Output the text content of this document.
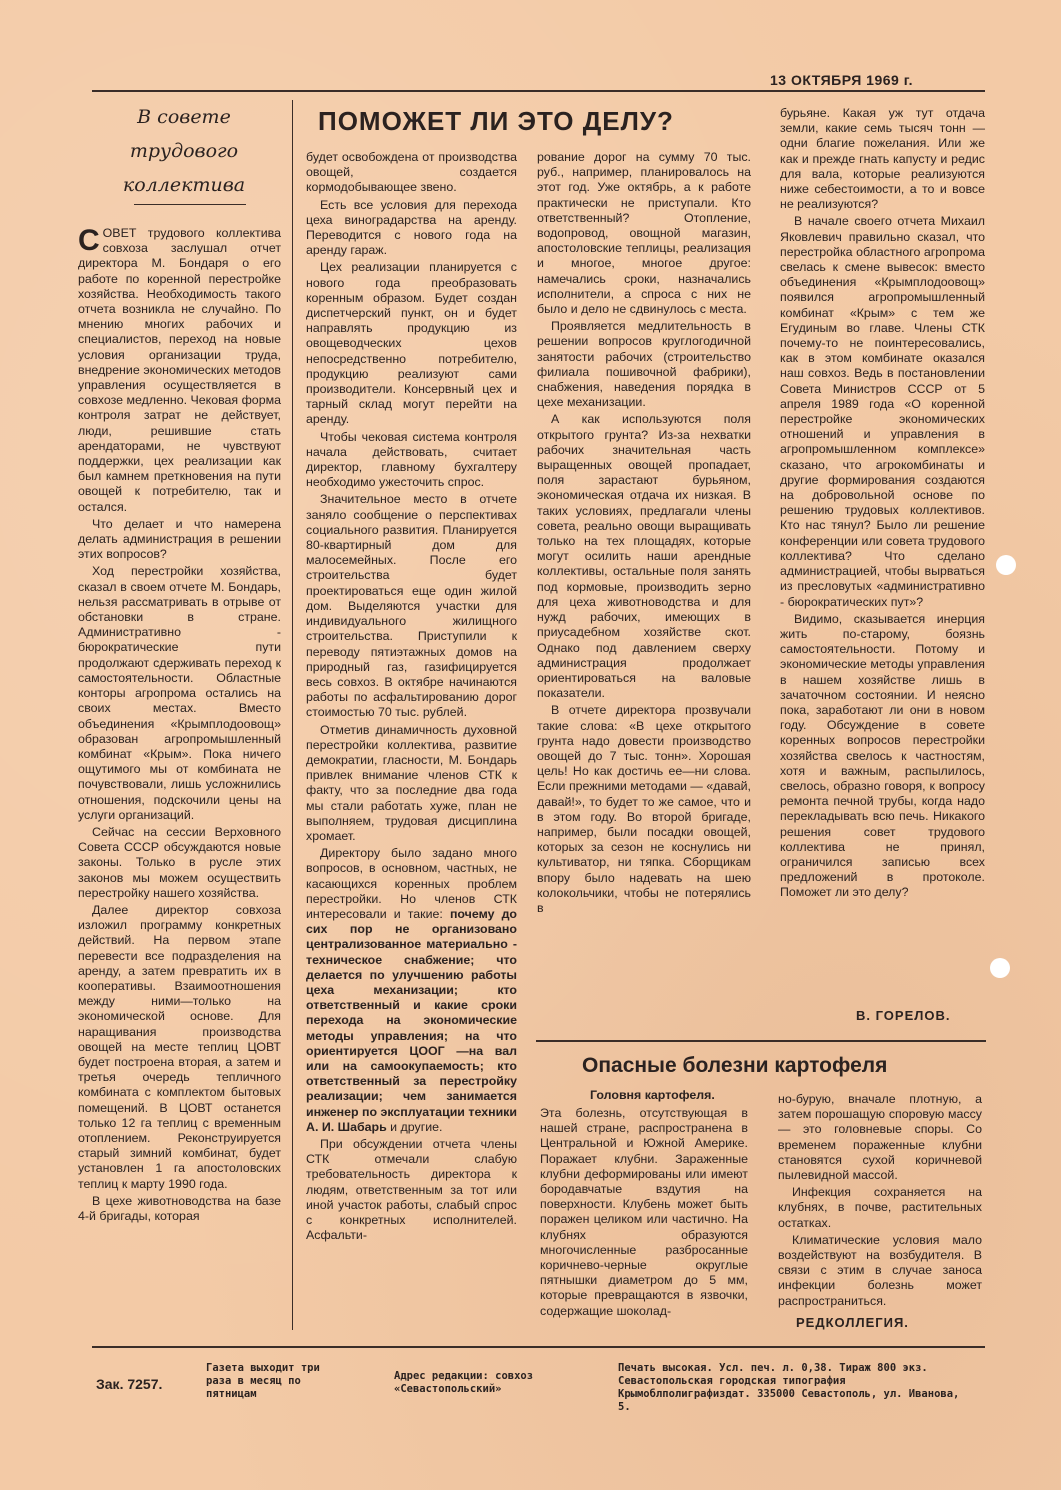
13 ОКТЯБРЯ 1969 г.
В совете
трудового
коллектива
ПОМОЖЕТ ЛИ ЭТО ДЕЛУ?

СОВЕТ трудового коллектива совхоза заслушал отчет директора М. Бондаря о его работе по коренной перестройке хозяйства. Необходимость такого отчета возникла не случайно. По мнению многих рабочих и специалистов, переход на новые условия организации труда, внедрение экономических методов управления осуществляется в совхозе медленно. Чековая форма контроля затрат не действует, люди, решившие стать арендаторами, не чувствуют поддержки, цех реализации как был камнем преткновения на пути овощей к потребителю, так и остался.

Что делает и что намерена делать администрация в решении этих вопросов?

Ход перестройки хозяйства, сказал в своем отчете М. Бондарь, нельзя рассматривать в отрыве от обстановки в стране. Административно - бюрократические пути продолжают сдерживать переход к самостоятельности. Областные конторы агропрома остались на своих местах. Вместо объединения «Крымплодоовощ» образован агропромышленный комбинат «Крым». Пока ничего ощутимого мы от комбината не почувствовали, лишь усложнились отношения, подскочили цены на услуги организаций.

Сейчас на сессии Верховного Совета СССР обсуждаются новые законы. Только в русле этих законов мы можем осуществить перестройку нашего хозяйства.

Далее директор совхоза изложил программу конкретных действий. На первом этапе перевести все подразделения на аренду, а затем превратить их в кооперативы. Взаимоотношения между ними—только на экономической основе. Для наращивания производства овощей на месте теплиц ЦОВТ будет построена вторая, а затем и третья очередь тепличного комбината с комплектом бытовых помещений. В ЦОВТ останется только 12 га теплиц с временным отоплением. Реконструируется старый зимний комбинат, будет установлен 1 га апостоловских теплиц к марту 1990 года.

В цехе животноводства на базе 4-й бригады, которая

будет освобождена от производства овощей, создается кормодобывающее звено.

Есть все условия для перехода цеха виноградарства на аренду. Переводится с нового года на аренду гараж.

Цех реализации планируется с нового года преобразовать коренным образом. Будет создан диспетчерский пункт, он и будет направлять продукцию из овощеводческих цехов непосредственно потребителю, продукцию реализуют сами производители. Консервный цех и тарный склад могут перейти на аренду.

Чтобы чековая система контроля начала действовать, считает директор, главному бухгалтеру необходимо ужесточить спрос.

Значительное место в отчете заняло сообщение о перспективах социального развития. Планируется 80-квартирный дом для малосемейных. После его строительства будет проектироваться еще один жилой дом. Выделяются участки для индивидуального жилищного строительства. Приступили к переводу пятиэтажных домов на природный газ, газифицируется весь совхоз. В октябре начинаются работы по асфальтированию дорог стоимостью 70 тыс. рублей.

Отметив динамичность духовной перестройки коллектива, развитие демократии, гласности, М. Бондарь привлек внимание членов СТК к факту, что за последние два года мы стали работать хуже, план не выполняем, трудовая дисциплина хромает.

Директору было задано много вопросов, в основном, частных, не касающихся коренных проблем перестройки. Но членов СТК интересовали и такие: почему до сих пор не организовано централизованное материально - техническое снабжение; что делается по улучшению работы цеха механизации; кто ответственный и какие сроки перехода на экономические методы управления; на что ориентируется ЦООГ —на вал или на самоокупаемость; кто ответственный за перестройку реализации; чем занимается инженер по эксплуатации техники А. И. Шабарь и другие.

При обсуждении отчета члены СТК отмечали слабую требовательность директора к людям, ответственным за тот или иной участок работы, слабый спрос с конкретных исполнителей. Асфальти-

рование дорог на сумму 70 тыс. руб., например, планировалось на этот год. Уже октябрь, а к работе практически не приступали. Кто ответственный? Отопление, водопровод, овощной магазин, апостоловские теплицы, реализация и многое, многое другое: намечались сроки, назначались исполнители, а спроса с них не было и дело не сдвинулось с места.

Проявляется медлительность в решении вопросов круглогодичной занятости рабочих (строительство филиала пошивочной фабрики), снабжения, наведения порядка в цехе механизации.

А как используются поля открытого грунта? Из-за нехватки рабочих значительная часть выращенных овощей пропадает, поля зарастают бурьяном, экономическая отдача их низкая. В таких условиях, предлагали члены совета, реально овощи выращивать только на тех площадях, которые могут осилить наши арендные коллективы, остальные поля занять под кормовые, производить зерно для цеха животноводства и для нужд рабочих, имеющих в приусадебном хозяйстве скот. Однако под давлением сверху администрация продолжает ориентироваться на валовые показатели.

В отчете директора прозвучали такие слова: «В цехе открытого грунта надо довести производство овощей до 7 тыс. тонн». Хорошая цель! Но как достичь ее—ни слова. Если прежними методами — «давай, давай!», то будет то же самое, что и в этом году. Во второй бригаде, например, были посадки овощей, которых за сезон не коснулись ни культиватор, ни тяпка. Сборщикам впору было надевать на шею колокольчики, чтобы не потерялись в

бурьяне. Какая уж тут отдача земли, какие семь тысяч тонн — одни благие пожелания. Или же как и прежде гнать капусту и редис для вала, которые реализуются ниже себестоимости, а то и вовсе не реализуются?

В начале своего отчета Михаил Яковлевич правильно сказал, что перестройка областного агропрома свелась к смене вывесок: вместо объединения «Крымплодоовощ» появился агропромышленный комбинат «Крым» с тем же Егудиным во главе. Члены СТК почему-то не поинтересовались, как в этом комбинате оказался наш совхоз. Ведь в постановлении Совета Министров СССР от 5 апреля 1989 года «О коренной перестройке экономических отношений и управления в агропромышленном комплексе» сказано, что агрокомбинаты и другие формирования создаются на добровольной основе по решению трудовых коллективов. Кто нас тянул? Было ли решение конференции или совета трудового коллектива? Что сделано администрацией, чтобы вырваться из пресловутых «административно - бюрократических пут»?

Видимо, сказывается инерция жить по-старому, боязнь самостоятельности. Потому и экономические методы управления в нашем хозяйстве лишь в зачаточном состоянии. И неясно пока, заработают ли они в новом году. Обсуждение в совете коренных вопросов перестройки хозяйства свелось к частностям, хотя и важным, распылилось, свелось, образно говоря, к вопросу ремонта печной трубы, когда надо перекладывать всю печь. Никакого решения совет трудового коллектива не принял, ограничился записью всех предложений в протоколе. Поможет ли это делу?

В. ГОРЕЛОВ.
Опасные болезни картофеля
Головня картофеля.

Эта болезнь, отсутствующая в нашей стране, распространена в Центральной и Южной Америке. Поражает клубни. Зараженные клубни деформированы или имеют бородавчатые вздутия на поверхности. Клубень может быть поражен целиком или частично. На клубнях образуются многочисленные разбросанные коричнево-черные округлые пятнышки диаметром до 5 мм, которые превращаются в язвочки, содержащие шоколад-

но-бурую, вначале плотную, а затем порошащую споровую массу — это головневые споры. Со временем пораженные клубни становятся сухой коричневой пылевидной массой.

Инфекция сохраняется на клубнях, в почве, растительных остатках.

Климатические условия мало воздействуют на возбудителя. В связи с этим в случае заноса инфекции болезнь может распространиться.

РЕДКОЛЛЕГИЯ.
Зак. 7257.
Газета выходит три раза в месяц по пятницам
Адрес редакции: совхоз «Севастопольский»
Печать высокая. Усл. печ. л. 0,38. Тираж 800 экз. Севастопольская городская типография Крымоблполиграфиздат. 335000 Севастополь, ул. Иванова, 5.
